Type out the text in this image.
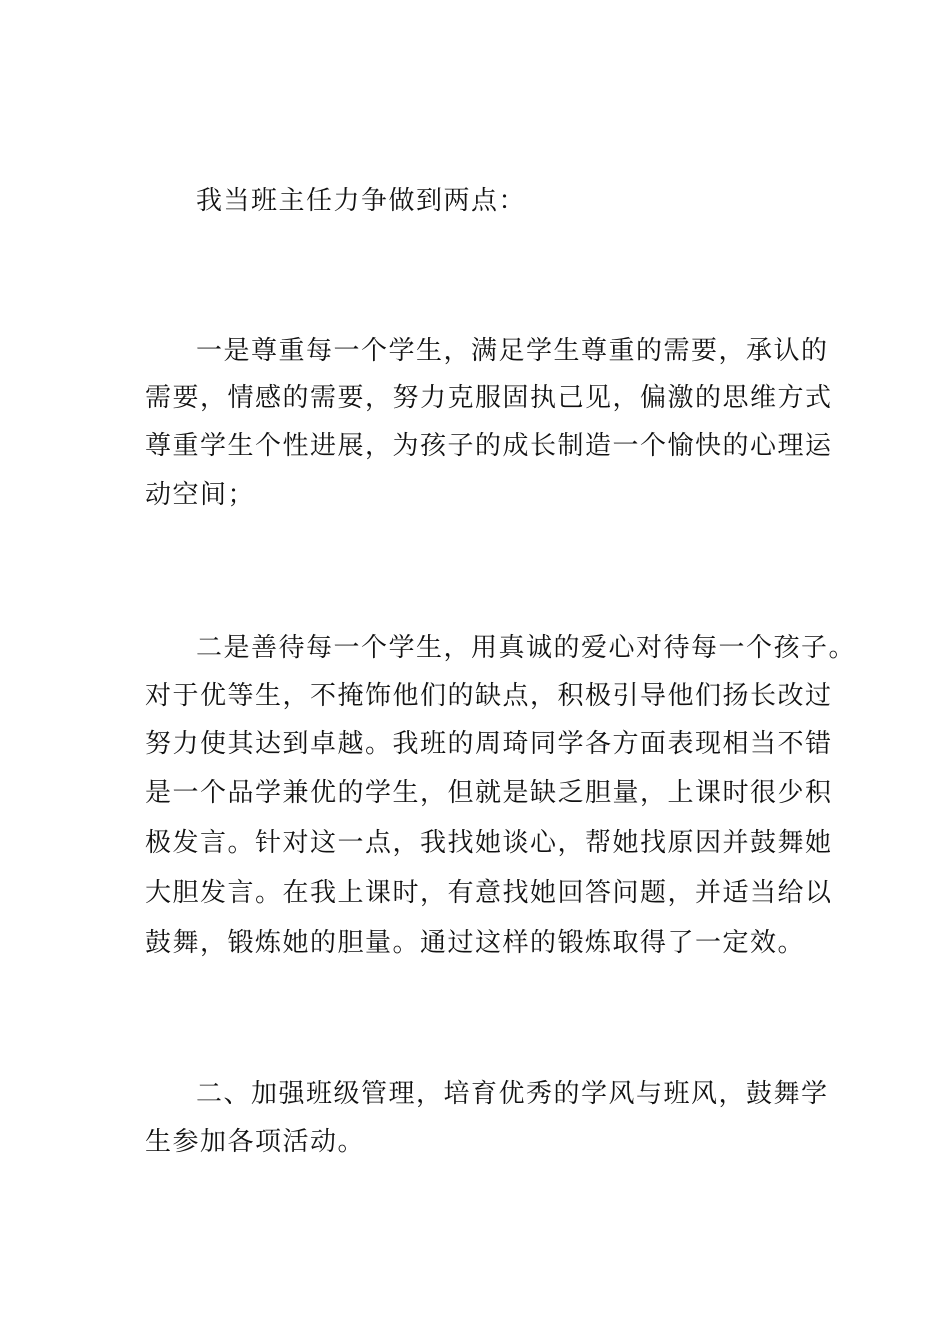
我当班主任力争做到两点：
一是尊重每一个学生，满足学生尊重的需要，承认的
需要，情感的需要，努力克服固执己见，偏激的思维方式
尊重学生个性进展，为孩子的成长制造一个愉快的心理运
动空间；
二是善待每一个学生，用真诚的爱心对待每一个孩子。
对于优等生，不掩饰他们的缺点，积极引导他们扬长改过
努力使其达到卓越。我班的周琦同学各方面表现相当不错
是一个品学兼优的学生，但就是缺乏胆量，上课时很少积
极发言。针对这一点，我找她谈心，帮她找原因并鼓舞她
大胆发言。在我上课时，有意找她回答问题，并适当给以
鼓舞，锻炼她的胆量。通过这样的锻炼取得了一定效。
二、加强班级管理，培育优秀的学风与班风，鼓舞学
生参加各项活动。
